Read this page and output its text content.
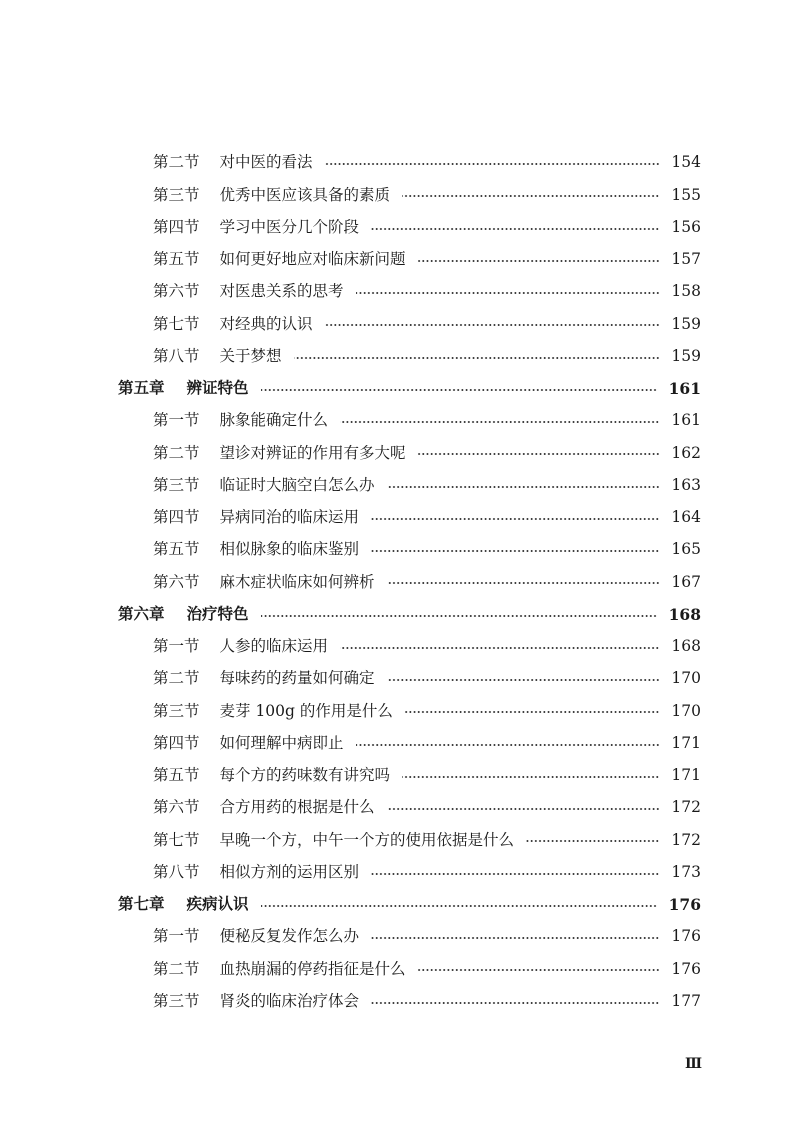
第二节 对中医的看法	154
第三节 优秀中医应该具备的素质	155
第四节 学习中医分几个阶段	156
第五节 如何更好地应对临床新问题	157
第六节 对医患关系的思考	158
第七节 对经典的认识	159
第八节 关于梦想	159
第五章 辨证特色	161
第一节 脉象能确定什么	161
第二节 望诊对辨证的作用有多大呢	162
第三节 临证时大脑空白怎么办	163
第四节 异病同治的临床运用	164
第五节 相似脉象的临床鉴别	165
第六节 麻木症状临床如何辨析	167
第六章 治疗特色	168
第一节 人参的临床运用	168
第二节 每味药的药量如何确定	170
第三节 麦芽 100g 的作用是什么	170
第四节 如何理解中病即止	171
第五节 每个方的药味数有讲究吗	171
第六节 合方用药的根据是什么	172
第七节 早晚一个方，中午一个方的使用依据是什么	172
第八节 相似方剂的运用区别	173
第七章 疾病认识	176
第一节 便秘反复发作怎么办	176
第二节 血热崩漏的停药指征是什么	176
第三节 肾炎的临床治疗体会	177
Ⅲ
